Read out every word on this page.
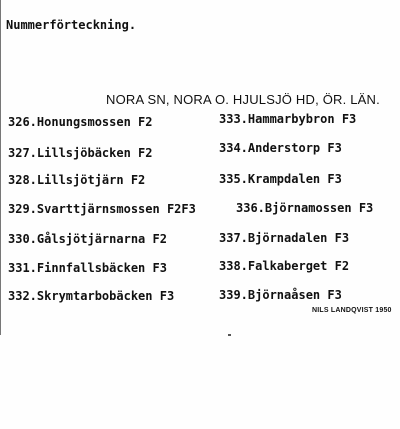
Nummerförteckning.
NORA SN, NORA O. HJULSJÖ HD, ÖR. LÄN.
326.Honungsmossen F2	333.Hammarbybron F3
327.Lillsjöbäcken F2	334.Anderstorp F3
328.Lillsjötjärn F2	335.Krampdalen F3
329.Svarttjärnsmossen F2F3	336.Björnamossen F3
330.Gålsjötjärnarna F2	337.Björnadalen F3
331.Finnfallsbäcken F3	338.Falkaberget F2
332.Skrymtarbobäcken F3	339.Björnaåsen F3
NILS LANDQVIST 1950
